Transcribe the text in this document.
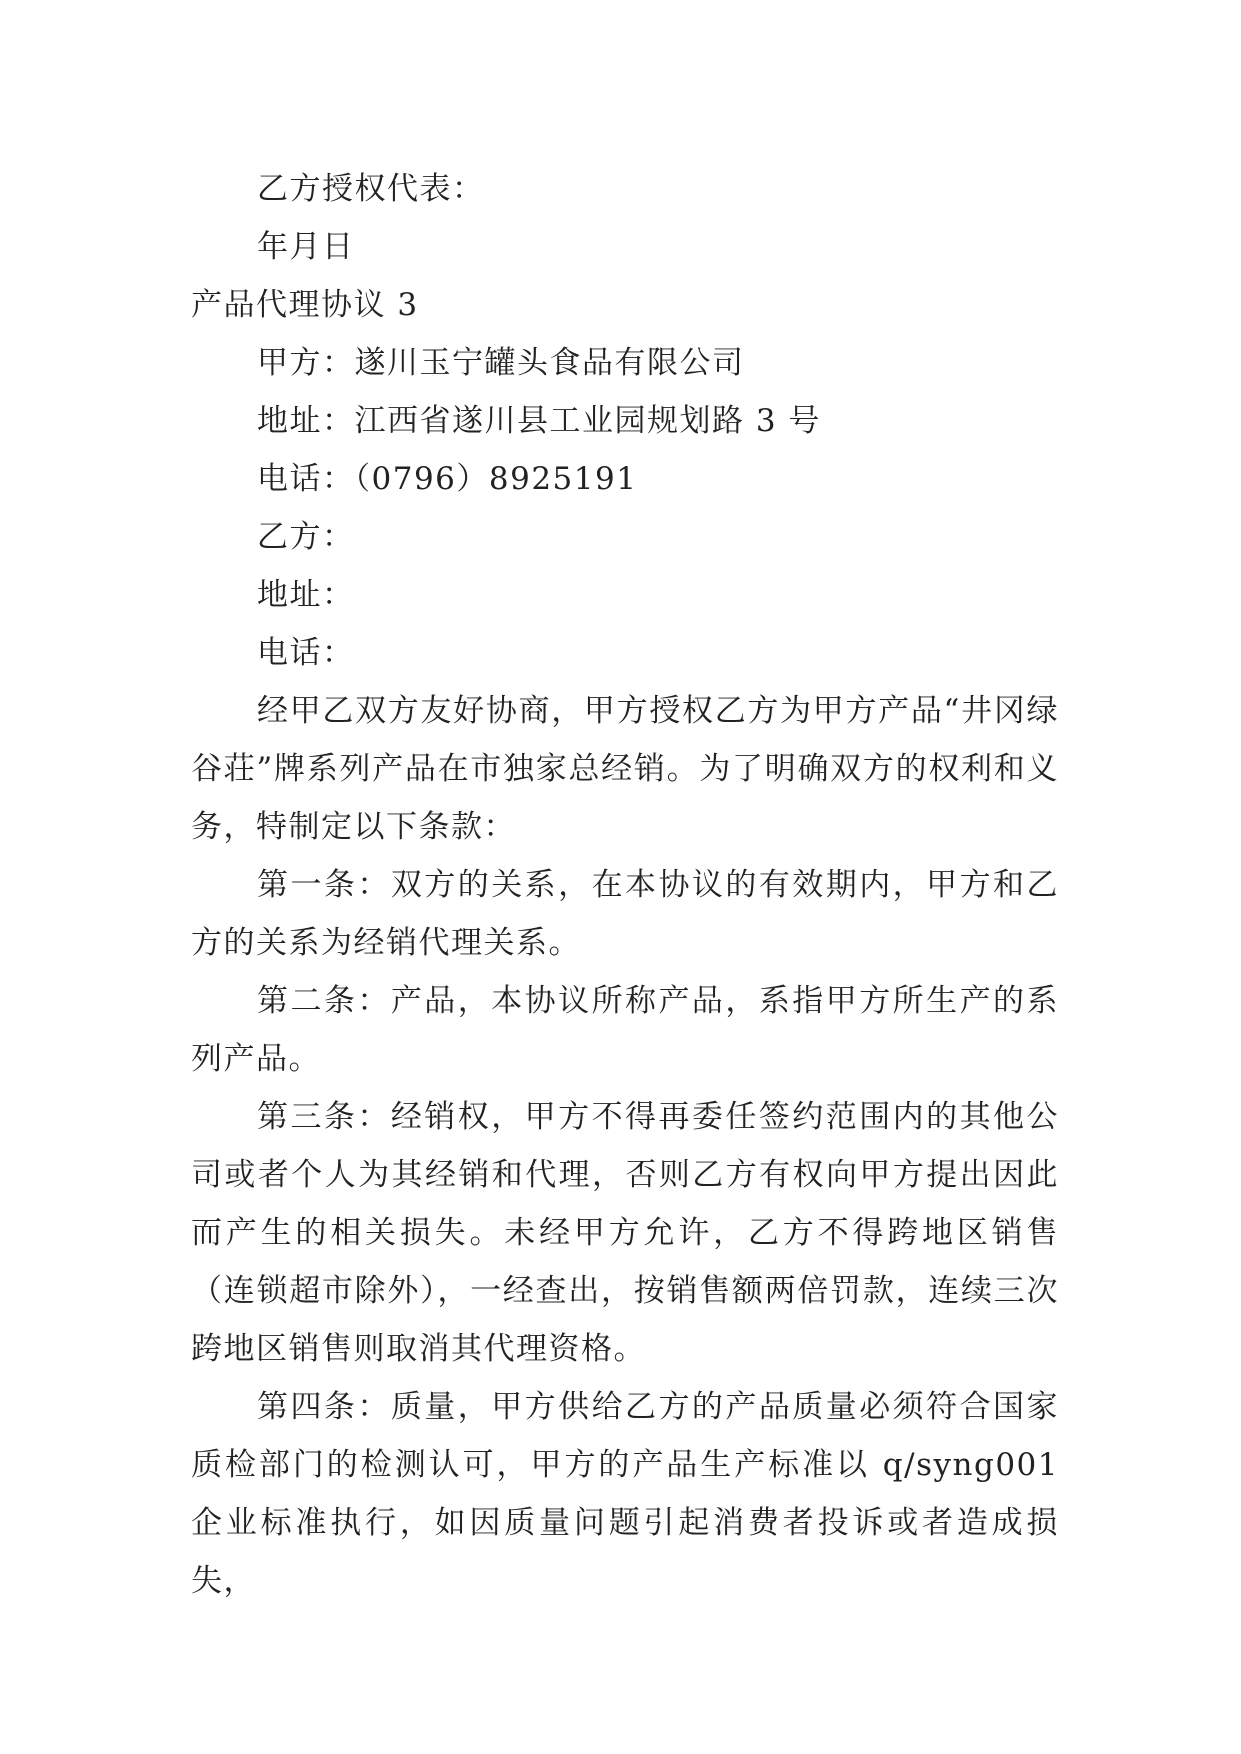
乙方授权代表：
年月日
产品代理协议 3
甲方：遂川玉宁罐头食品有限公司
地址：江西省遂川县工业园规划路 3 号
电话：（0796）8925191
乙方：
地址：
电话：

经甲乙双方友好协商，甲方授权乙方为甲方产品“井冈绿谷荘”牌系列产品在市独家总经销。为了明确双方的权利和义务，特制定以下条款：

第一条：双方的关系，在本协议的有效期内，甲方和乙方的关系为经销代理关系。

第二条：产品，本协议所称产品，系指甲方所生产的系列产品。

第三条：经销权，甲方不得再委任签约范围内的其他公司或者个人为其经销和代理，否则乙方有权向甲方提出因此而产生的相关损失。未经甲方允许，乙方不得跨地区销售（连锁超市除外），一经查出，按销售额两倍罚款，连续三次跨地区销售则取消其代理资格。

第四条：质量，甲方供给乙方的产品质量必须符合国家质检部门的检测认可，甲方的产品生产标准以 q/syng001 企业标准执行，如因质量问题引起消费者投诉或者造成损失，
